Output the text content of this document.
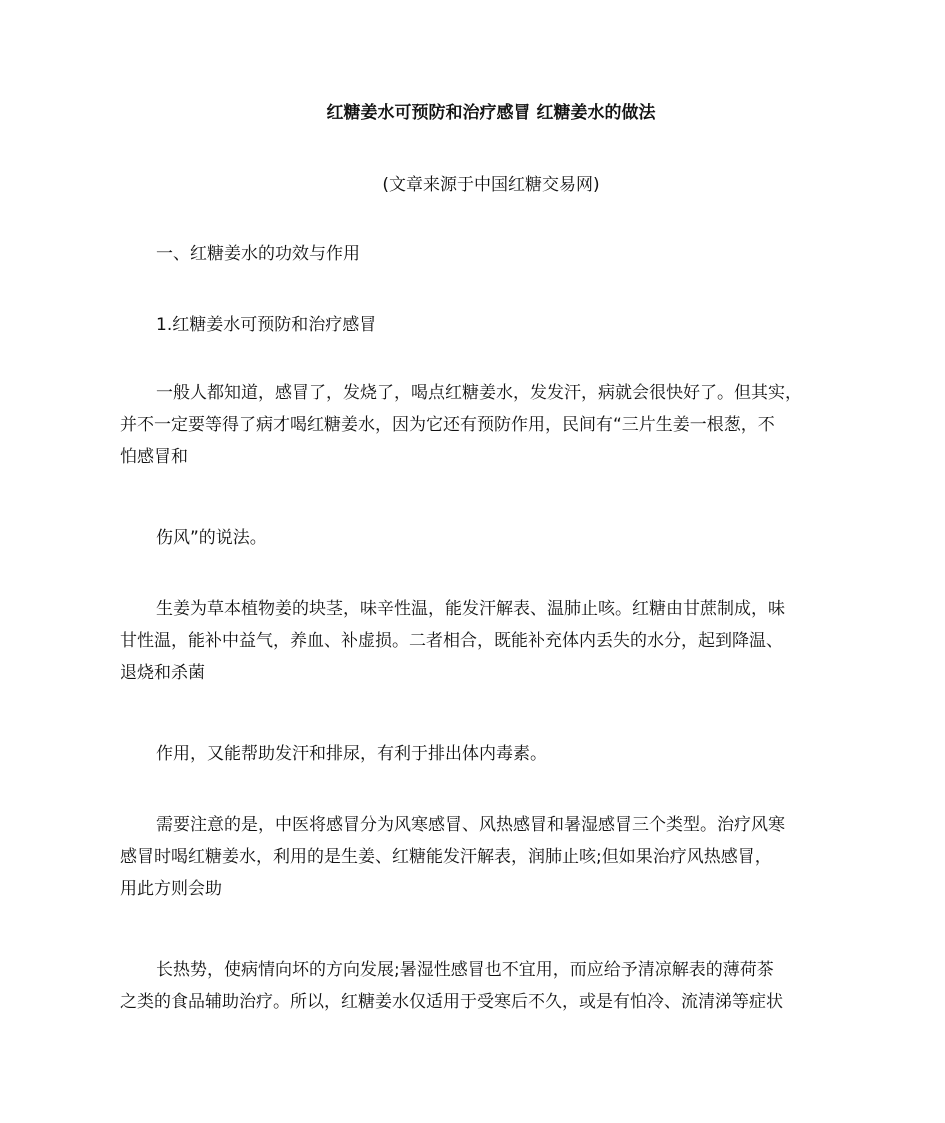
红糖姜水可预防和治疗感冒 红糖姜水的做法
(文章来源于中国红糖交易网)
一、红糖姜水的功效与作用
1.红糖姜水可预防和治疗感冒
一般人都知道，感冒了，发烧了，喝点红糖姜水，发发汗，病就会很快好了。但其实，
并不一定要等得了病才喝红糖姜水，因为它还有预防作用，民间有“三片生姜一根葱，不
怕感冒和
伤风”的说法。
生姜为草本植物姜的块茎，味辛性温，能发汗解表、温肺止咳。红糖由甘蔗制成，味
甘性温，能补中益气，养血、补虚损。二者相合，既能补充体内丢失的水分，起到降温、
退烧和杀菌
作用，又能帮助发汗和排尿，有利于排出体内毒素。
需要注意的是，中医将感冒分为风寒感冒、风热感冒和暑湿感冒三个类型。治疗风寒
感冒时喝红糖姜水，利用的是生姜、红糖能发汗解表，润肺止咳;但如果治疗风热感冒，
用此方则会助
长热势，使病情向坏的方向发展;暑湿性感冒也不宜用，而应给予清凉解表的薄荷茶
之类的食品辅助治疗。所以，红糖姜水仅适用于受寒后不久，或是有怕冷、流清涕等症状
